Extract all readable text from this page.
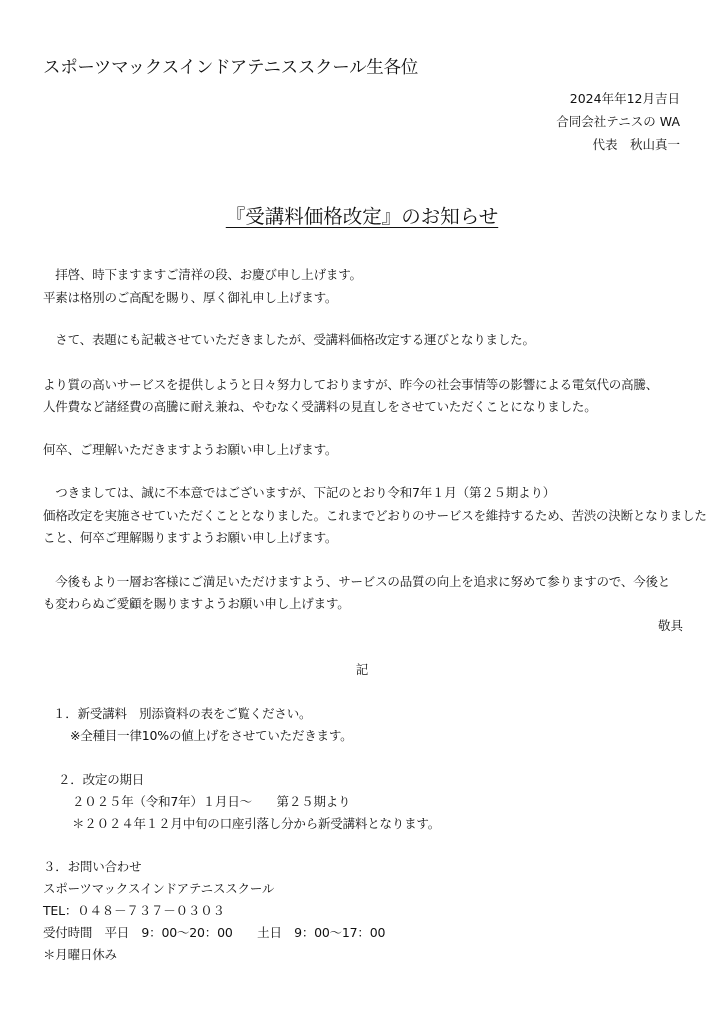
スポーツマックスインドアテニススクール生各位
2024年年12月吉日
合同会社テニスの WA
代表　秋山真一
『受講料価格改定』のお知らせ
　拝啓、時下ますますご清祥の段、お慶び申し上げます。
平素は格別のご高配を賜り、厚く御礼申し上げます。
　さて、表題にも記載させていただきましたが、受講料価格改定する運びとなりました。
より質の高いサービスを提供しようと日々努力しておりますが、昨今の社会事情等の影響による電気代の高騰、
人件費など諸経費の高騰に耐え兼ね、やむなく受講料の見直しをさせていただくことになりました。
何卒、ご理解いただきますようお願い申し上げます。
　つきましては、誠に不本意ではございますが、下記のとおり令和7年１月（第２５期より）
価格改定を実施させていただくこととなりました。これまでどおりのサービスを維持するため、苦渋の決断となりました
こと、何卒ご理解賜りますようお願い申し上げます。
　今後もより一層お客様にご満足いただけますよう、サービスの品質の向上を追求に努めて参りますので、今後と
も変わらぬご愛顧を賜りますようお願い申し上げます。
敬具
記
１．新受講料　別添資料の表をご覧ください。
※全種目一律10%の値上げをさせていただきます。
２．改定の期日
２０２５年（令和7年）１月日～　　第２５期より
＊２０２４年１２月中旬の口座引落し分から新受講料となります。
３．お問い合わせ
スポーツマックスインドアテニススクール
TEL：０４８－７３７－０３０３
受付時間　平日　9：00～20：00　　土日　9：00～17：00
＊月曜日休み
